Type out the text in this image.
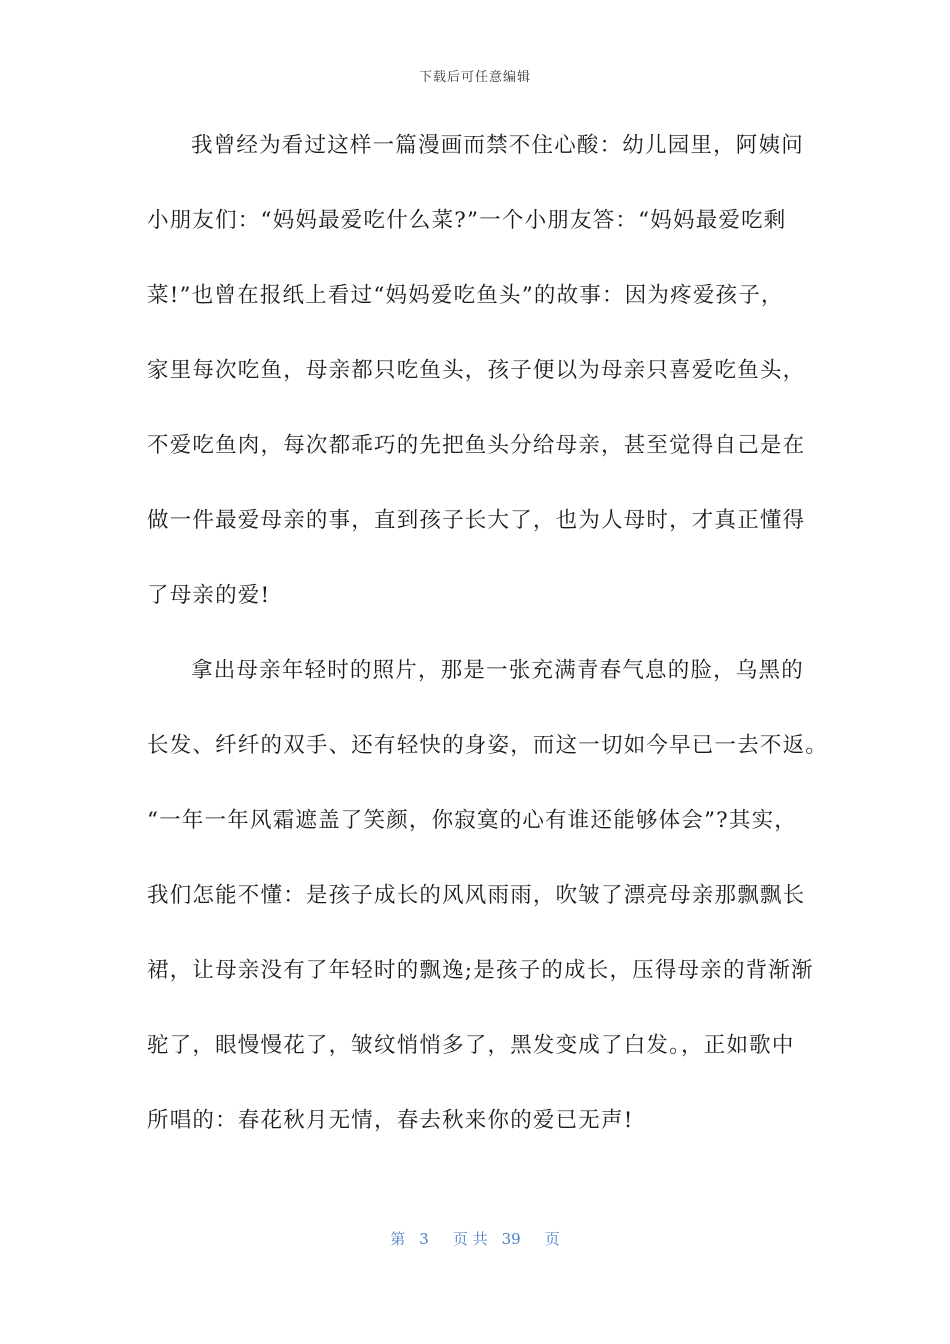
下载后可任意编辑
我曾经为看过这样一篇漫画而禁不住心酸：幼儿园里，阿姨问
小朋友们：“妈妈最爱吃什么菜?”一个小朋友答：“妈妈最爱吃剩
菜!”也曾在报纸上看过“妈妈爱吃鱼头”的故事：因为疼爱孩子，
家里每次吃鱼，母亲都只吃鱼头，孩子便以为母亲只喜爱吃鱼头，
不爱吃鱼肉，每次都乖巧的先把鱼头分给母亲，甚至觉得自己是在
做一件最爱母亲的事，直到孩子长大了，也为人母时，才真正懂得
了母亲的爱!
拿出母亲年轻时的照片，那是一张充满青春气息的脸，乌黑的
长发、纤纤的双手、还有轻快的身姿，而这一切如今早已一去不返。
“一年一年风霜遮盖了笑颜，你寂寞的心有谁还能够体会”?其实，
我们怎能不懂：是孩子成长的风风雨雨，吹皱了漂亮母亲那飘飘长
裙，让母亲没有了年轻时的飘逸;是孩子的成长，压得母亲的背渐渐
驼了，眼慢慢花了，皱纹悄悄多了，黑发变成了白发。，正如歌中
所唱的：春花秋月无情，春去秋来你的爱已无声!
第 3 页 共 39 页
